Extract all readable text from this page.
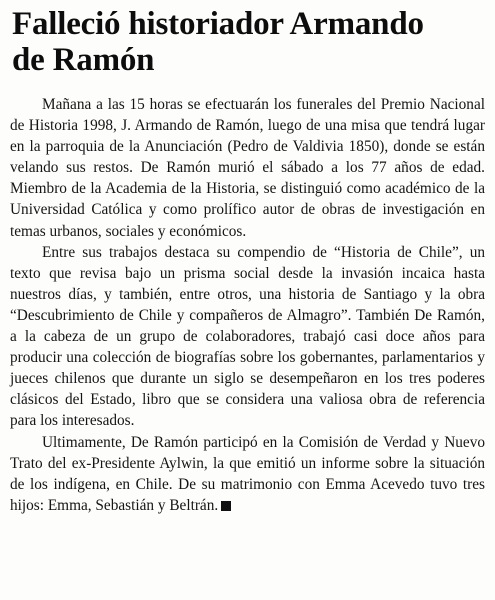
Falleció historiador Armando
de Ramón

Mañana a las 15 horas se efectuarán los funerales del Premio Nacional de Historia 1998, J. Armando de Ramón, luego de una misa que tendrá lugar en la parroquia de la Anunciación (Pedro de Valdivia 1850), donde se están velando sus restos. De Ramón murió el sábado a los 77 años de edad. Miembro de la Academia de la Historia, se distinguió como académico de la Universidad Católica y como prolífico autor de obras de investigación en temas urbanos, sociales y económicos.

Entre sus trabajos destaca su compendio de “Historia de Chile”, un texto que revisa bajo un prisma social desde la invasión incaica hasta nuestros días, y también, entre otros, una historia de Santiago y la obra “Descubrimiento de Chile y compañeros de Almagro”. También De Ramón, a la cabeza de un grupo de colaboradores, trabajó casi doce años para producir una colección de biografías sobre los gobernantes, parlamentarios y jueces chilenos que durante un siglo se desempeñaron en los tres poderes clásicos del Estado, libro que se considera una valiosa obra de referencia para los interesados.

Ultimamente, De Ramón participó en la Comisión de Verdad y Nuevo Trato del ex-Presidente Aylwin, la que emitió un informe sobre la situación de los indígena, en Chile. De su matrimonio con Emma Acevedo tuvo tres hijos: Emma, Sebastián y Beltrán.
